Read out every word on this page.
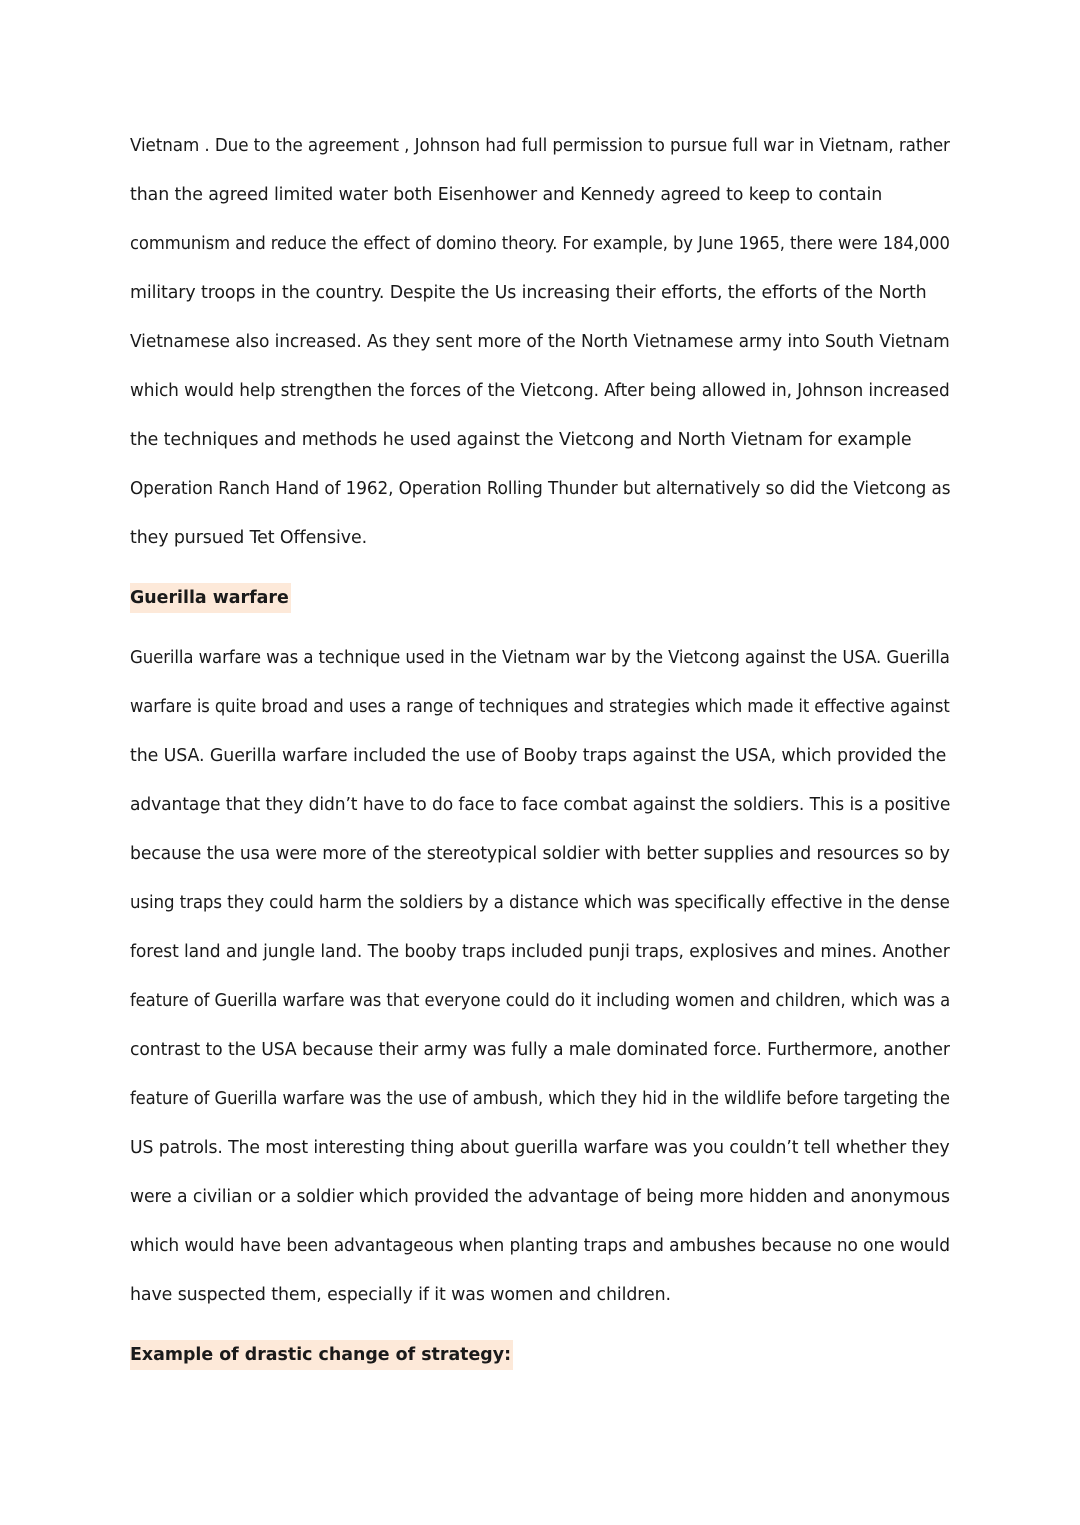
Vietnam . Due to the agreement , Johnson had full permission to pursue full war in Vietnam, rather
than the agreed limited water both Eisenhower and Kennedy agreed to keep to contain
communism and reduce the effect of domino theory. For example, by June 1965, there were 184,000
military troops in the country. Despite the Us increasing their efforts, the efforts of the North
Vietnamese also increased. As they sent more of the North Vietnamese army into South Vietnam
which would help strengthen the forces of the Vietcong. After being allowed in, Johnson increased
the techniques and methods he used against the Vietcong and North Vietnam for example
Operation Ranch Hand of 1962, Operation Rolling Thunder but alternatively so did the Vietcong as
they pursued Tet Offensive.
Guerilla warfare
Guerilla warfare was a technique used in the Vietnam war by the Vietcong against the USA. Guerilla
warfare is quite broad and uses a range of techniques and strategies which made it effective against
the USA. Guerilla warfare included the use of Booby traps against the USA, which provided the
advantage that they didn’t have to do face to face combat against the soldiers. This is a positive
because the usa were more of the stereotypical soldier with better supplies and resources so by
using traps they could harm the soldiers by a distance which was specifically effective in the dense
forest land and jungle land. The booby traps included punji traps, explosives and mines. Another
feature of Guerilla warfare was that everyone could do it including women and children, which was a
contrast to the USA because their army was fully a male dominated force. Furthermore, another
feature of Guerilla warfare was the use of ambush, which they hid in the wildlife before targeting the
US patrols. The most interesting thing about guerilla warfare was you couldn’t tell whether they
were a civilian or a soldier which provided the advantage of being more hidden and anonymous
which would have been advantageous when planting traps and ambushes because no one would
have suspected them, especially if it was women and children.
Example of drastic change of strategy:
